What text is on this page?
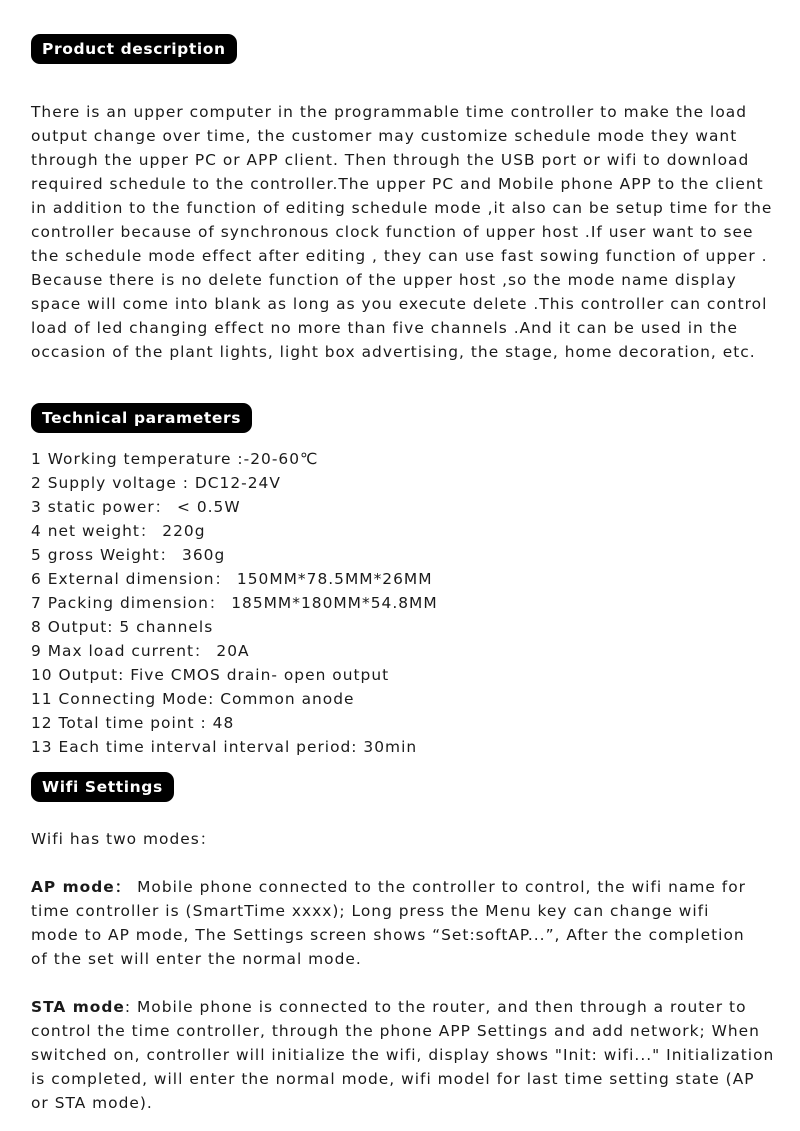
Product description
There is an upper computer in the programmable time controller to make the load
output change over time, the customer may customize schedule mode they want
through the upper PC or APP client. Then through the USB port or wifi to download
required schedule to the controller.The upper PC and Mobile phone APP to the client
in addition to the function of editing schedule mode ,it also can be setup time for the
controller because of synchronous clock function of upper host .If user want to see
the schedule mode effect after editing , they can use fast sowing function of upper .
Because there is no delete function of the upper host ,so the mode name display
space will come into blank as long as you execute delete .This controller can control
load of led changing effect no more than five channels .And it can be used in the
occasion of the plant lights, light box advertising, the stage, home decoration, etc.
Technical parameters
1 Working temperature :-20-60℃
2 Supply voltage : DC12-24V
3 static power： < 0.5W
4 net weight： 220g
5 gross Weight： 360g
6 External dimension： 150MM*78.5MM*26MM
7 Packing dimension： 185MM*180MM*54.8MM
8 Output: 5 channels
9 Max load current： 20A
10 Output: Five CMOS drain- open output
11 Connecting Mode: Common anode
12 Total time point : 48
13 Each time interval interval period: 30min
Wifi Settings
Wifi has two modes：
AP mode： Mobile phone connected to the controller to control, the wifi name for
time controller is (SmartTime xxxx); Long press the Menu key can change wifi
mode to AP mode, The Settings screen shows “Set:softAP...”, After the completion
of the set will enter the normal mode.
STA mode: Mobile phone is connected to the router, and then through a router to
control the time controller, through the phone APP Settings and add network; When
switched on, controller will initialize the wifi, display shows "Init: wifi..." Initialization
is completed, will enter the normal mode, wifi model for last time setting state (AP
or STA mode).
